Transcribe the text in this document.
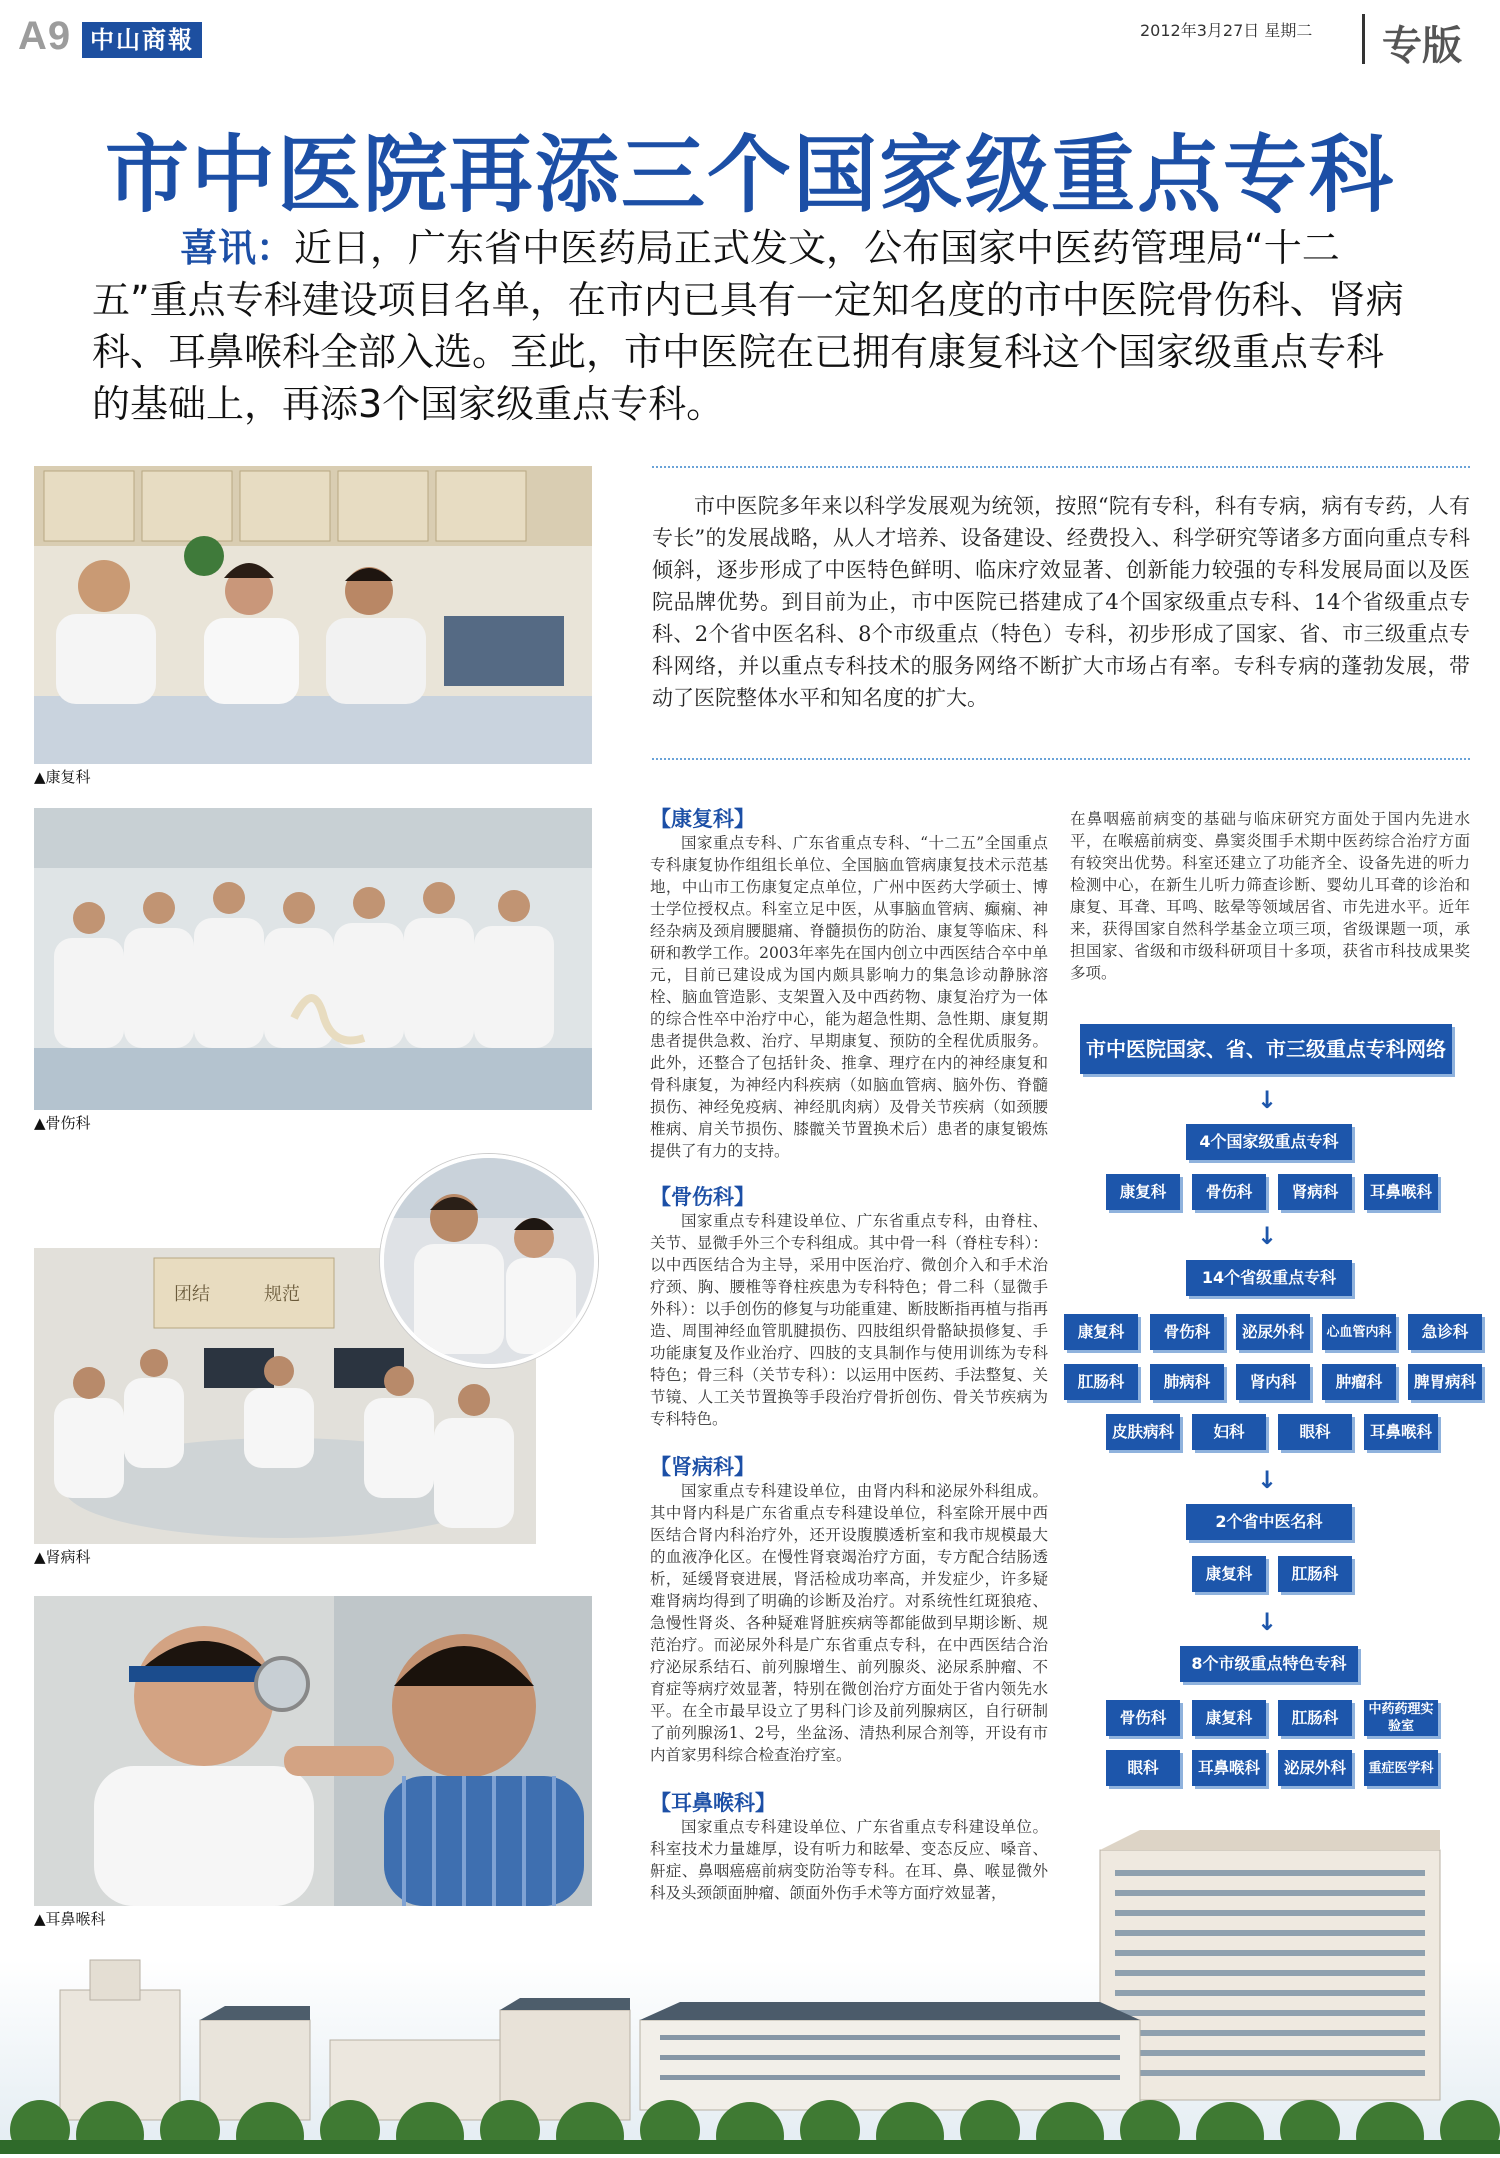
A9 中山商報	2012年3月27日 星期二 专版
市中医院再添三个国家级重点专科
喜讯：近日，广东省中医药局正式发文，公布国家中医药管理局“十二五”重点专科建设项目名单，在市内已具有一定知名度的市中医院骨伤科、肾病科、耳鼻喉科全部入选。至此，市中医院在已拥有康复科这个国家级重点专科的基础上，再添3个国家级重点专科。
市中医院多年来以科学发展观为统领，按照“院有专科，科有专病，病有专药，人有专长”的发展战略，从人才培养、设备建设、经费投入、科学研究等诸多方面向重点专科倾斜，逐步形成了中医特色鲜明、临床疗效显著、创新能力较强的专科发展局面以及医院品牌优势。到目前为止，市中医院已搭建成了4个国家级重点专科、14个省级重点专科、2个省中医名科、8个市级重点（特色）专科，初步形成了国家、省、市三级重点专科网络，并以重点专科技术的服务网络不断扩大市场占有率。专科专病的蓬勃发展，带动了医院整体水平和知名度的扩大。
▲康复科
▲骨伤科
团结	规范
▲肾病科
▲耳鼻喉科
【康复科】

国家重点专科、广东省重点专科、“十二五”全国重点专科康复协作组组长单位、全国脑血管病康复技术示范基地，中山市工伤康复定点单位，广州中医药大学硕士、博士学位授权点。科室立足中医，从事脑血管病、癫痫、神经杂病及颈肩腰腿痛、脊髓损伤的防治、康复等临床、科研和教学工作。2003年率先在国内创立中西医结合卒中单元，目前已建设成为国内颇具影响力的集急诊动静脉溶栓、脑血管造影、支架置入及中西药物、康复治疗为一体的综合性卒中治疗中心，能为超急性期、急性期、康复期患者提供急救、治疗、早期康复、预防的全程优质服务。此外，还整合了包括针灸、推拿、理疗在内的神经康复和骨科康复，为神经内科疾病（如脑血管病、脑外伤、脊髓损伤、神经免疫病、神经肌肉病）及骨关节疾病（如颈腰椎病、肩关节损伤、膝髋关节置换术后）患者的康复锻炼提供了有力的支持。

【骨伤科】

国家重点专科建设单位、广东省重点专科，由脊柱、关节、显微手外三个专科组成。其中骨一科（脊柱专科）：以中西医结合为主导，采用中医治疗、微创介入和手术治疗颈、胸、腰椎等脊柱疾患为专科特色；骨二科（显微手外科）：以手创伤的修复与功能重建、断肢断指再植与指再造、周围神经血管肌腱损伤、四肢组织骨骼缺损修复、手功能康复及作业治疗、四肢的支具制作与使用训练为专科特色；骨三科（关节专科）：以运用中医药、手法整复、关节镜、人工关节置换等手段治疗骨折创伤、骨关节疾病为专科特色。

【肾病科】

国家重点专科建设单位，由肾内科和泌尿外科组成。其中肾内科是广东省重点专科建设单位，科室除开展中西医结合肾内科治疗外，还开设腹膜透析室和我市规模最大的血液净化区。在慢性肾衰竭治疗方面，专方配合结肠透析，延缓肾衰进展，肾活检成功率高，并发症少，许多疑难肾病均得到了明确的诊断及治疗。对系统性红斑狼疮、急慢性肾炎、各种疑难肾脏疾病等都能做到早期诊断、规范治疗。而泌尿外科是广东省重点专科，在中西医结合治疗泌尿系结石、前列腺增生、前列腺炎、泌尿系肿瘤、不育症等病疗效显著，特别在微创治疗方面处于省内领先水平。在全市最早设立了男科门诊及前列腺病区，自行研制了前列腺汤1、2号，坐盆汤、清热利尿合剂等，开设有市内首家男科综合检查治疗室。

【耳鼻喉科】

国家重点专科建设单位、广东省重点专科建设单位。科室技术力量雄厚，设有听力和眩晕、变态反应、嗓音、鼾症、鼻咽癌癌前病变防治等专科。在耳、鼻、喉显微外科及头颈颌面肿瘤、颌面外伤手术等方面疗效显著，

在鼻咽癌前病变的基础与临床研究方面处于国内先进水平，在喉癌前病变、鼻窦炎围手术期中医药综合治疗方面有较突出优势。科室还建立了功能齐全、设备先进的听力检测中心，在新生儿听力筛查诊断、婴幼儿耳聋的诊治和康复、耳聋、耳鸣、眩晕等领域居省、市先进水平。近年来，获得国家自然科学基金立项三项，省级课题一项，承担国家、省级和市级科研项目十多项，获省市科技成果奖多项。

市中医院国家、省、市三级重点专科网络
↓
4个国家级重点专科
康复科	骨伤科	肾病科	耳鼻喉科
↓
14个省级重点专科
康复科	骨伤科	泌尿外科	心血管内科	急诊科
肛肠科	肺病科	肾内科	肿瘤科	脾胃病科
皮肤病科	妇科	眼科	耳鼻喉科
↓
2个省中医名科
康复科	肛肠科
↓
8个市级重点特色专科
骨伤科	康复科	肛肠科	中药药理实验室
眼科	耳鼻喉科	泌尿外科	重症医学科
